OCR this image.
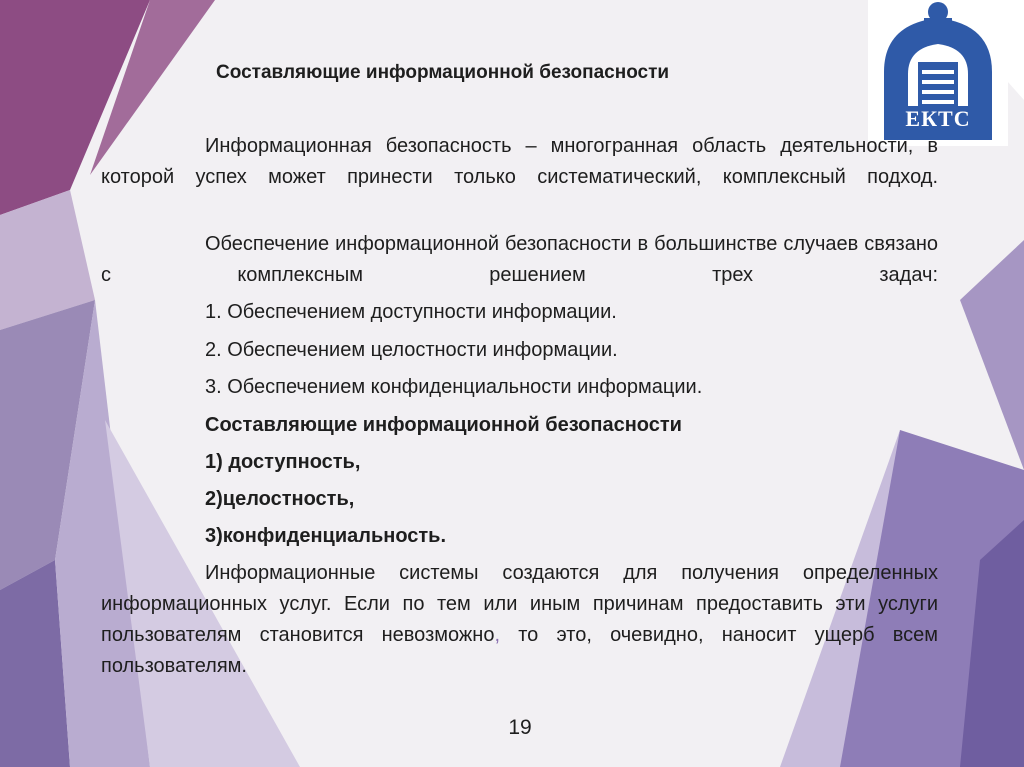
ЕКТС
Составляющие информационной безопасности
Информационная безопасность – многогранная область деятельности, в которой успех может принести только систематический, комплексный подход.
Обеспечение информационной безопасности в большинстве случаев связано с комплексным решением трех задач:
1. Обеспечением доступности информации.
2. Обеспечением целостности информации.
3. Обеспечением конфиденциальности информации.
Составляющие информационной безопасности
1) доступность,
2)целостность,
3)конфиденциальность.
Информационные системы создаются для получения определенных информационных услуг. Если по тем или иным причинам предоставить эти услуги пользователям становится невозможно, то это, очевидно, наносит ущерб всем пользователям.
19
